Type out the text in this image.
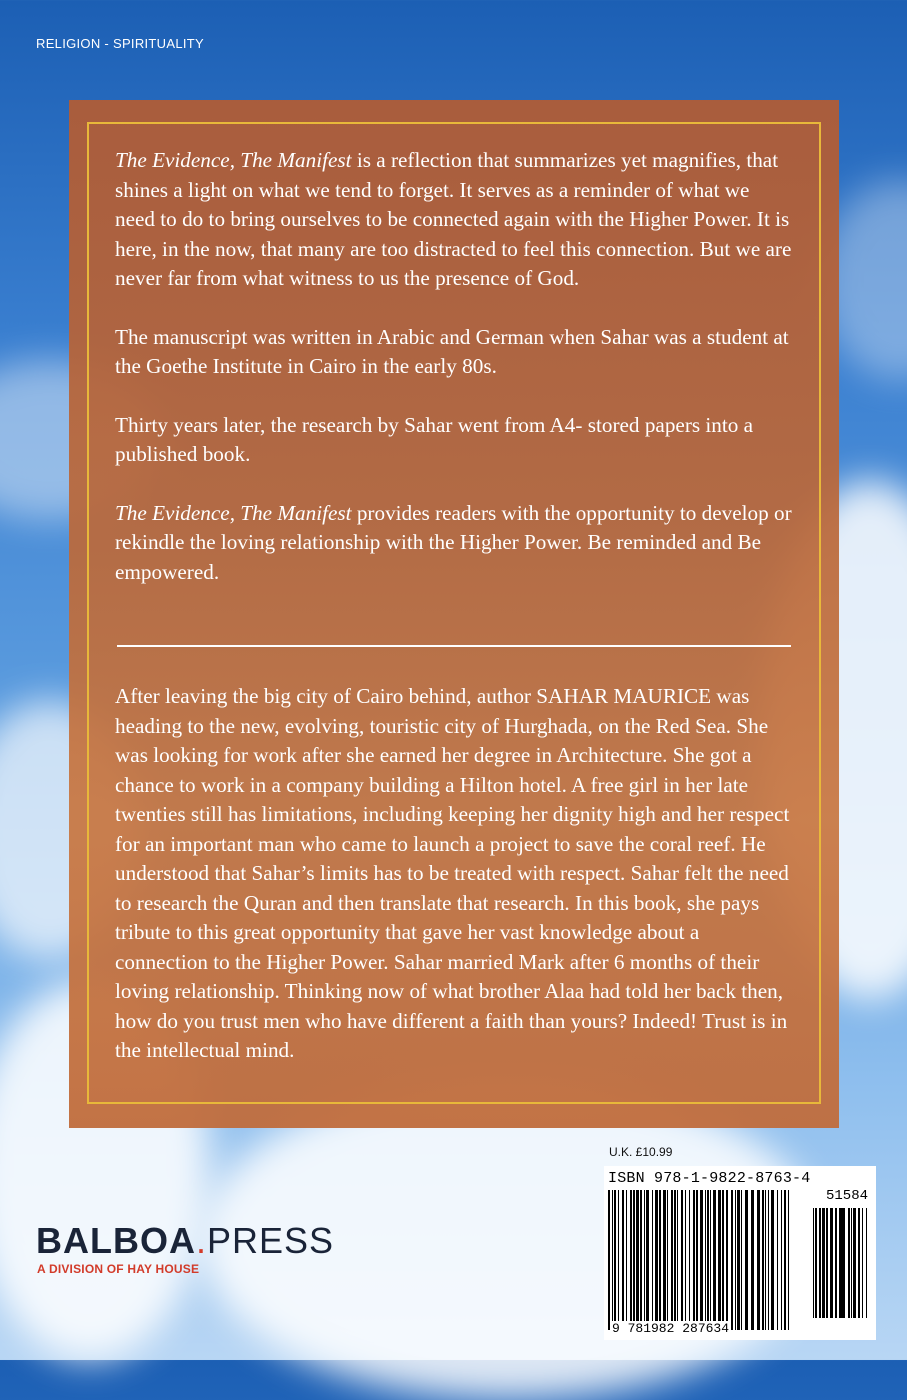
RELIGION - SPIRITUALITY

The Evidence, The Manifest is a reflection that summarizes yet magnifies, that shines a light on what we tend to forget. It serves as a reminder of what we need to do to bring ourselves to be connected again with the Higher Power. It is here, in the now, that many are too distracted to feel this connection. But we are never far from what witness to us the presence of God.

The manuscript was written in Arabic and German when Sahar was a student at the Goethe Institute in Cairo in the early 80s.

Thirty years later, the research by Sahar went from A4- stored papers into a published book.

The Evidence, The Manifest provides readers with the opportunity to develop or rekindle the loving relationship with the Higher Power. Be reminded and Be empowered.

After leaving the big city of Cairo behind, author SAHAR MAURICE was heading to the new, evolving, touristic city of Hurghada, on the Red Sea. She was looking for work after she earned her degree in Architecture. She got a chance to work in a company building a Hilton hotel. A free girl in her late twenties still has limitations, including keeping her dignity high and her respect for an important man who came to launch a project to save the coral reef. He understood that Sahar’s limits has to be treated with respect. Sahar felt the need to research the Quran and then translate that research. In this book, she pays tribute to this great opportunity that gave her vast knowledge about a connection to the Higher Power. Sahar married Mark after 6 months of their loving relationship. Thinking now of what brother Alaa had told her back then, how do you trust men who have different a faith than yours? Indeed! Trust is in the intellectual mind.

U.K. £10.99
ISBN 978-1-9822-8763-4
51584
9 781982 287634
BALBOA.PRESS
A DIVISION OF HAY HOUSE
